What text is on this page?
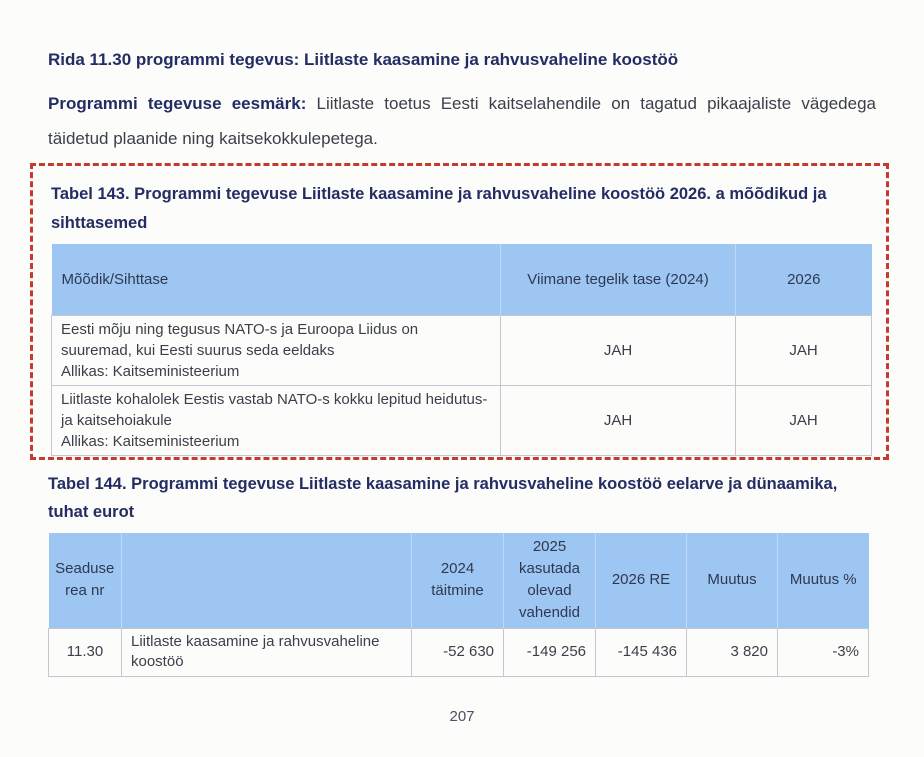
Rida 11.30 programmi tegevus: Liitlaste kaasamine ja rahvusvaheline koostöö

Programmi tegevuse eesmärk: Liitlaste toetus Eesti kaitselahendile on tagatud pikaajaliste vägedega täidetud plaanide ning kaitsekokkulepetega.

Tabel 143. Programmi tegevuse Liitlaste kaasamine ja rahvusvaheline koostöö 2026. a mõõdikud ja sihttasemed
Mõõdik/Sihttase	Viimane tegelik tase (2024)	2026

Eesti mõju ning tegusus NATO-s ja Euroopa Liidus on suuremad, kui Eesti suurus seda eeldaks
Allikas: Kaitseministeerium	JAH	JAH

Liitlaste kohalolek Eestis vastab NATO-s kokku lepitud heidutus- ja kaitsehoiakule
Allikas: Kaitseministeerium	JAH	JAH
Tabel 144. Programmi tegevuse Liitlaste kaasamine ja rahvusvaheline koostöö eelarve ja dünaamika, tuhat eurot
Seaduse rea nr		2024 täitmine	2025 kasutada olevad vahendid	2026 RE	Muutus	Muutus %
11.30	Liitlaste kaasamine ja rahvusvaheline koostöö	-52 630	-149 256	-145 436	3 820	-3%
207
